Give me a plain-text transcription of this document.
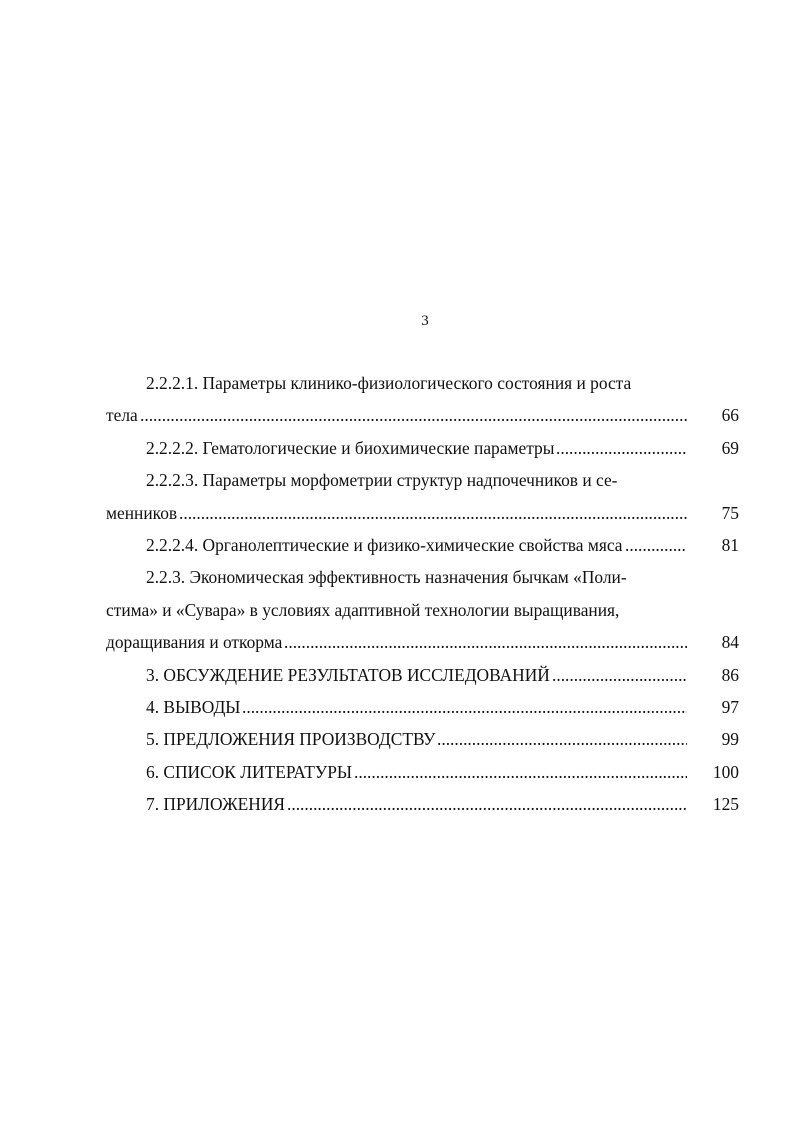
3
2.2.2.1. Параметры клинико-физиологического состояния и роста
тела .....	66
2.2.2.2. Гематологические и биохимические параметры .....	69
2.2.2.3. Параметры морфометрии структур надпочечников и се-
менников .....	75
2.2.2.4. Органолептические и физико-химические свойства мяса .....	81
2.2.3. Экономическая эффективность назначения бычкам «Поли-
стима» и «Сувара» в условиях адаптивной технологии выращивания,
доращивания и откорма .....	84
3. ОБСУЖДЕНИЕ РЕЗУЛЬТАТОВ ИССЛЕДОВАНИЙ .....	86
4. ВЫВОДЫ .....	97
5. ПРЕДЛОЖЕНИЯ ПРОИЗВОДСТВУ .....	99
6. СПИСОК ЛИТЕРАТУРЫ .....	100
7. ПРИЛОЖЕНИЯ .....	125
